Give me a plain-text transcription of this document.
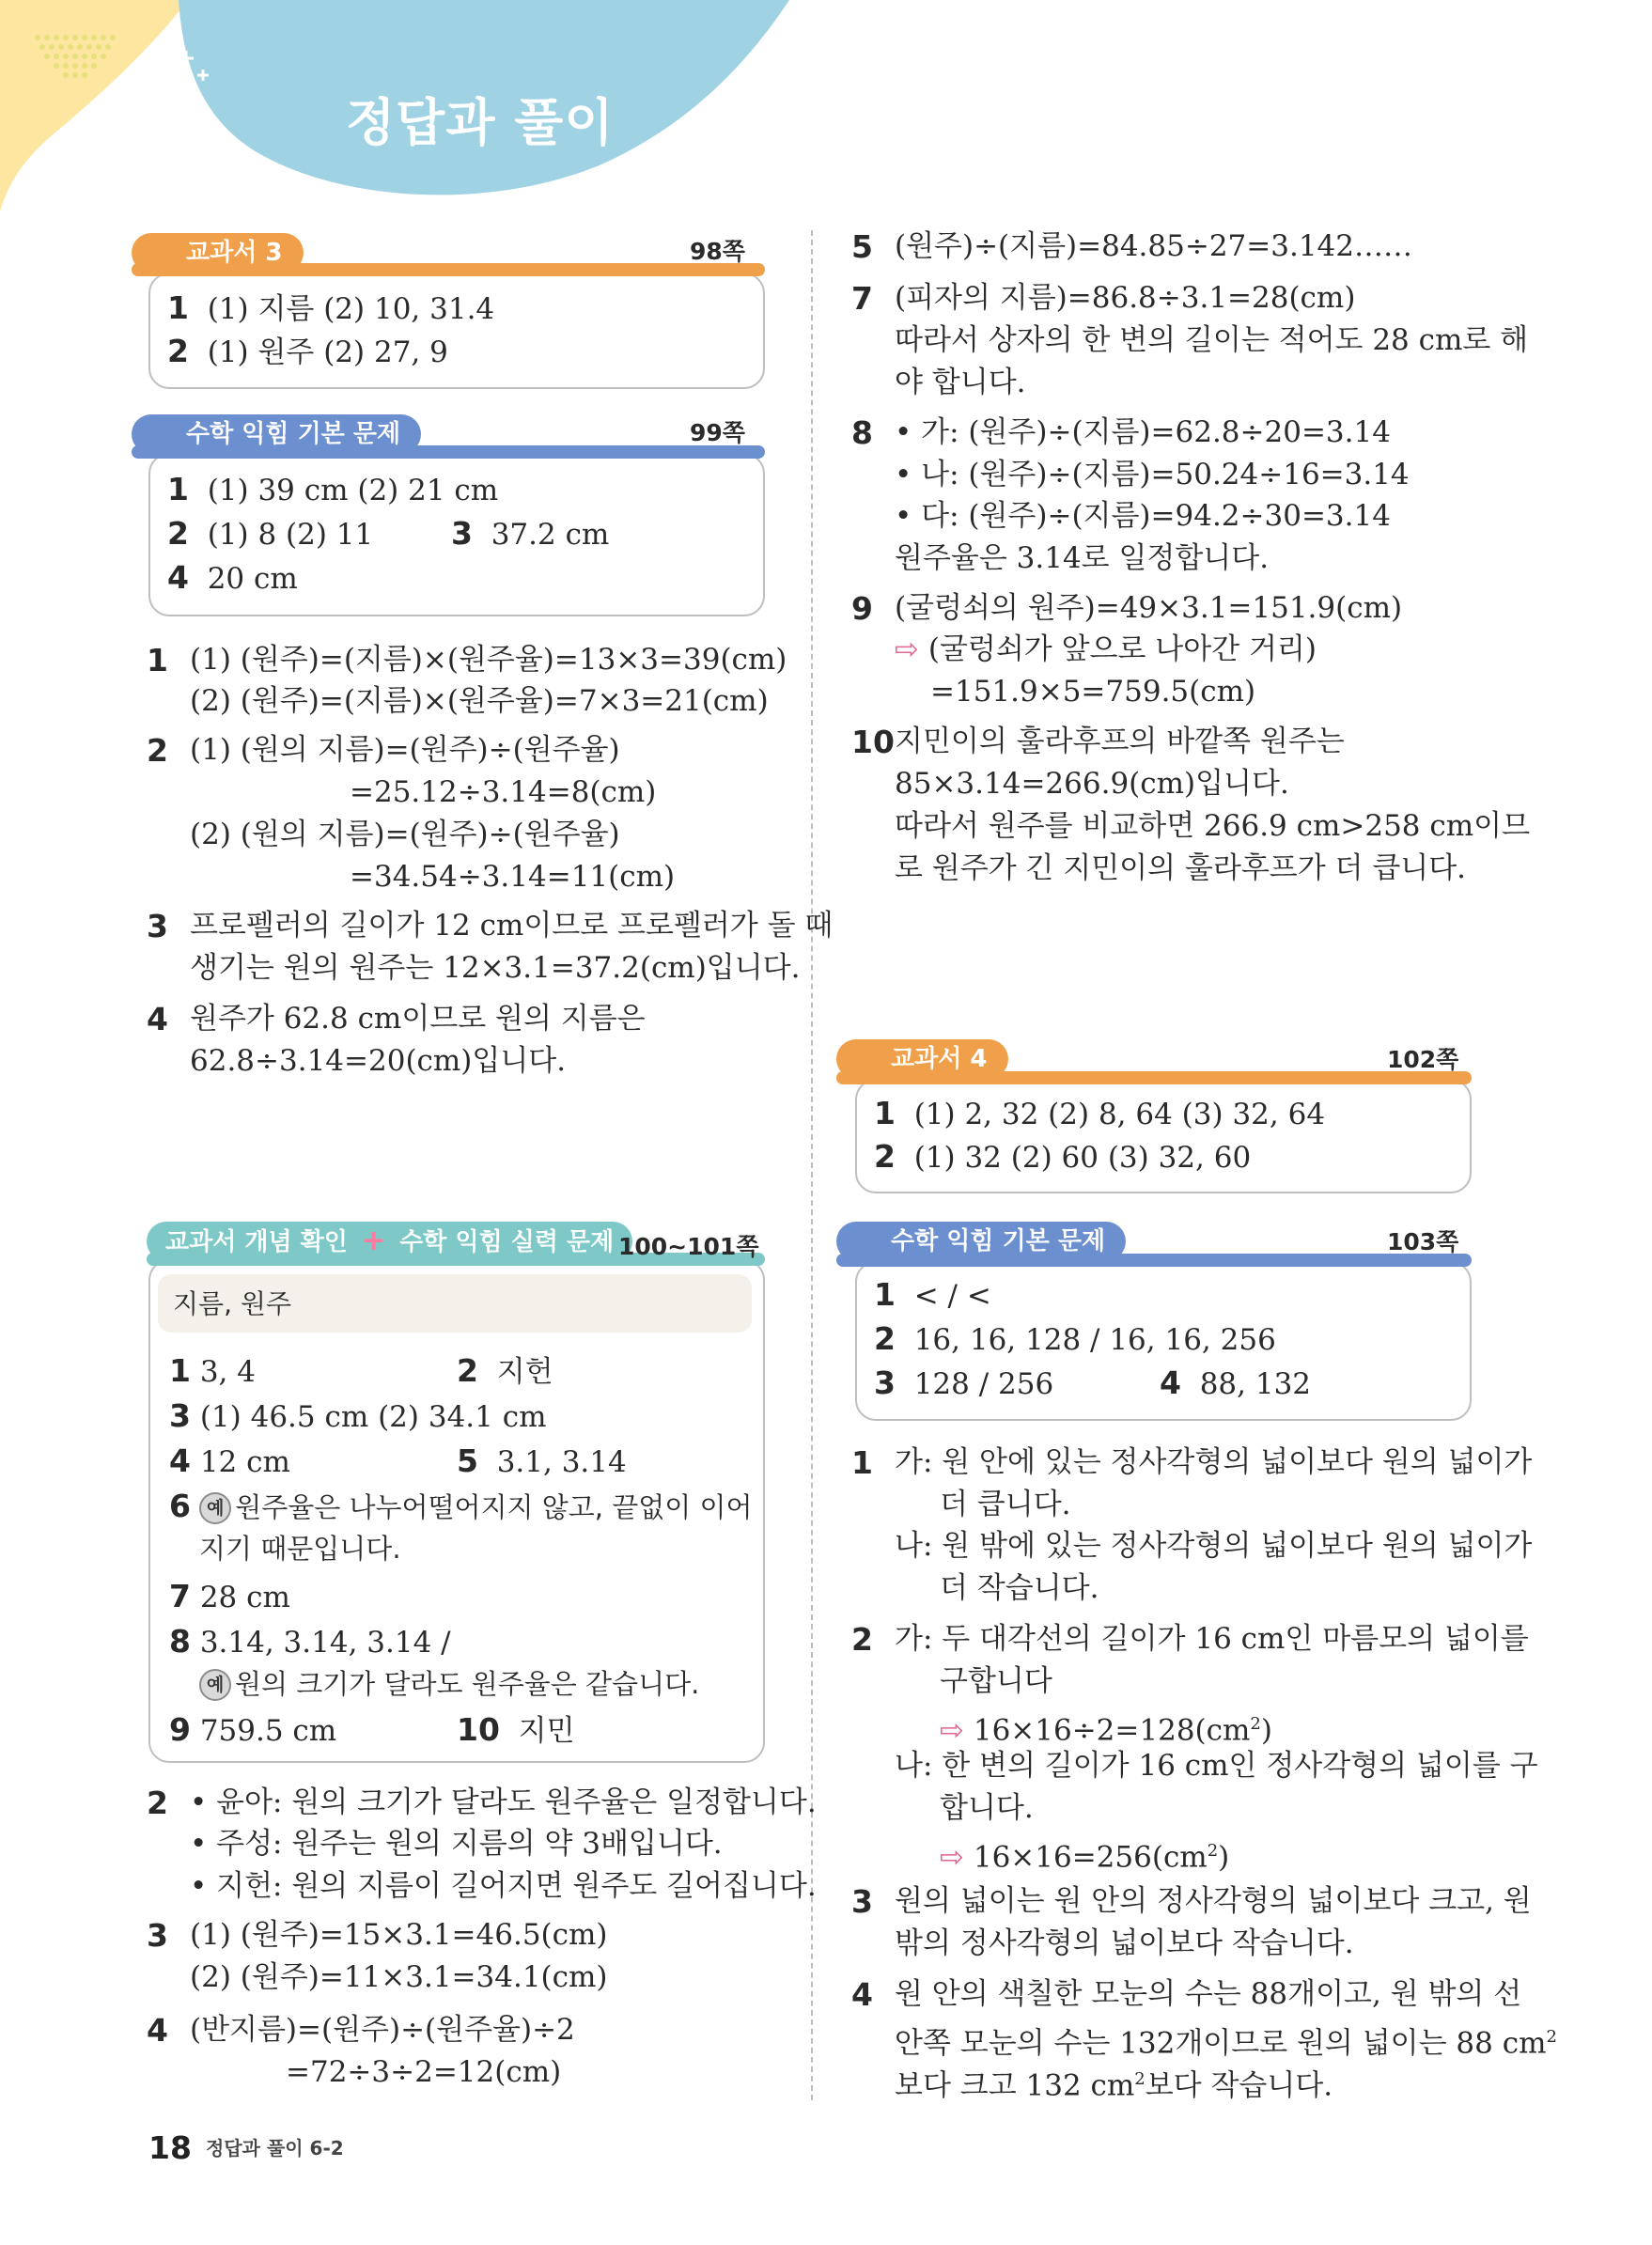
정답과 풀이
교과서 3	98쪽
1 (1) 지름 (2) 10, 31.4
2 (1) 원주 (2) 27, 9
수학 익힘 기본 문제	99쪽
1 (1) 39 cm (2) 21 cm
2 (1) 8 (2) 11	3 37.2 cm
4 20 cm
1 (1) (원주)=(지름)×(원주율)=13×3=39(cm)
(2) (원주)=(지름)×(원주율)=7×3=21(cm)
2 (1) (원의 지름)=(원주)÷(원주율)
=25.12÷3.14=8(cm)
(2) (원의 지름)=(원주)÷(원주율)
=34.54÷3.14=11(cm)
3 프로펠러의 길이가 12 cm이므로 프로펠러가 돌 때
생기는 원의 원주는 12×3.1=37.2(cm)입니다.
4 원주가 62.8 cm이므로 원의 지름은
62.8÷3.14=20(cm)입니다.
교과서 개념 확인 + 수학 익힘 실력 문제 100~101쪽
지름, 원주
1 3, 4	2 지헌
3 (1) 46.5 cm (2) 34.1 cm
4 12 cm	5 3.1, 3.14
6 예 원주율은 나누어떨어지지 않고, 끝없이 이어
지기 때문입니다.
7 28 cm
8 3.14, 3.14, 3.14 /
예 원의 크기가 달라도 원주율은 같습니다.
9 759.5 cm	10 지민
2 • 윤아: 원의 크기가 달라도 원주율은 일정합니다.
• 주성: 원주는 원의 지름의 약 3배입니다.
• 지헌: 원의 지름이 길어지면 원주도 길어집니다.
3 (1) (원주)=15×3.1=46.5(cm)
(2) (원주)=11×3.1=34.1(cm)
4 (반지름)=(원주)÷(원주율)÷2
=72÷3÷2=12(cm)
5 (원주)÷(지름)=84.85÷27=3.142……
7 (피자의 지름)=86.8÷3.1=28(cm)
따라서 상자의 한 변의 길이는 적어도 28 cm로 해
야 합니다.
8 • 가: (원주)÷(지름)=62.8÷20=3.14
• 나: (원주)÷(지름)=50.24÷16=3.14
• 다: (원주)÷(지름)=94.2÷30=3.14
원주율은 3.14로 일정합니다.
9 (굴렁쇠의 원주)=49×3.1=151.9(cm)
⇨ (굴렁쇠가 앞으로 나아간 거리)
=151.9×5=759.5(cm)
10 지민이의 훌라후프의 바깥쪽 원주는
85×3.14=266.9(cm)입니다.
따라서 원주를 비교하면 266.9 cm>258 cm이므
로 원주가 긴 지민이의 훌라후프가 더 큽니다.
교과서 4	102쪽
1 (1) 2, 32 (2) 8, 64 (3) 32, 64
2 (1) 32 (2) 60 (3) 32, 60
수학 익힘 기본 문제	103쪽
1 < / <
2 16, 16, 128 / 16, 16, 256
3 128 / 256	4 88, 132
1 가: 원 안에 있는 정사각형의 넓이보다 원의 넓이가
더 큽니다.
나: 원 밖에 있는 정사각형의 넓이보다 원의 넓이가
더 작습니다.
2 가: 두 대각선의 길이가 16 cm인 마름모의 넓이를
구합니다
⇨ $16\times 16\div 2=128(cm^2)$
나: 한 변의 길이가 16 cm인 정사각형의 넓이를 구
합니다.
⇨ $16\times 16=256(cm^2)$
3 원의 넓이는 원 안의 정사각형의 넓이보다 크고, 원
밖의 정사각형의 넓이보다 작습니다.
4 원 안의 색칠한 모눈의 수는 88개이고, 원 밖의 선
안쪽 모눈의 수는 132개이므로 원의 넓이는 88 $cm^2$
보다 크고 132 $cm^2$보다 작습니다.
18 정답과 풀이 6-2
